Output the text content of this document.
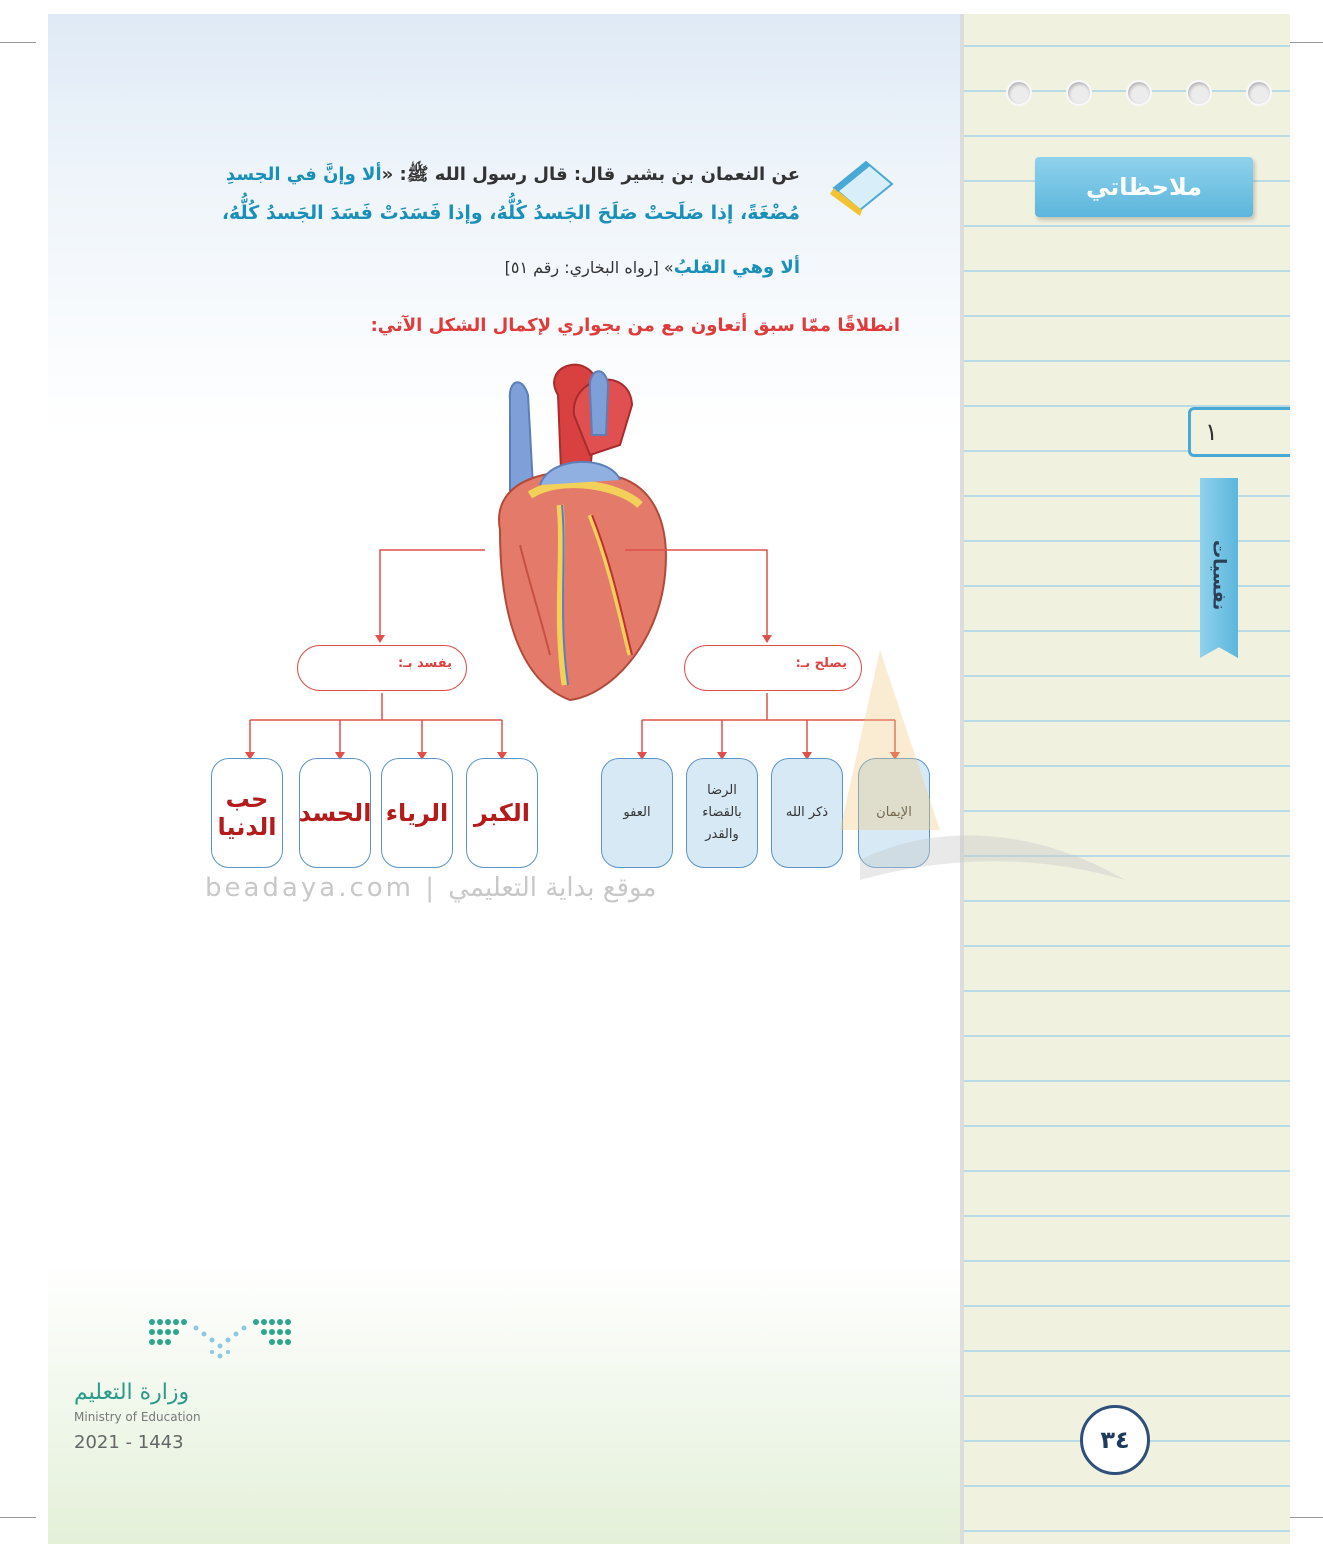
ملاحظاتي
١
نفسيات
٣٤
عن النعمان بن بشير قال: قال رسول الله ﷺ: «ألا وإنَّ في الجسدِ
مُضْغَةً، إذا صَلَحتْ صَلَحَ الجَسدُ كُلُّهُ، وإذا فَسَدَتْ فَسَدَ الجَسدُ كُلُّهُ،
ألا وهي القلبُ» [رواه البخاري: رقم ٥١]
انطلاقًا ممّا سبق أتعاون مع من بجواري لإكمال الشكل الآتي:
يفسد بـ:	يصلح بـ:
ذكر الله
الرضا بالقضاء والقدر
العفو
الكبر
الرياء
الحسد
حب الدنيا
beadaya.com | موقع بداية التعليمي
وزارة التعليم
Ministry of Education
2021 - 1443
